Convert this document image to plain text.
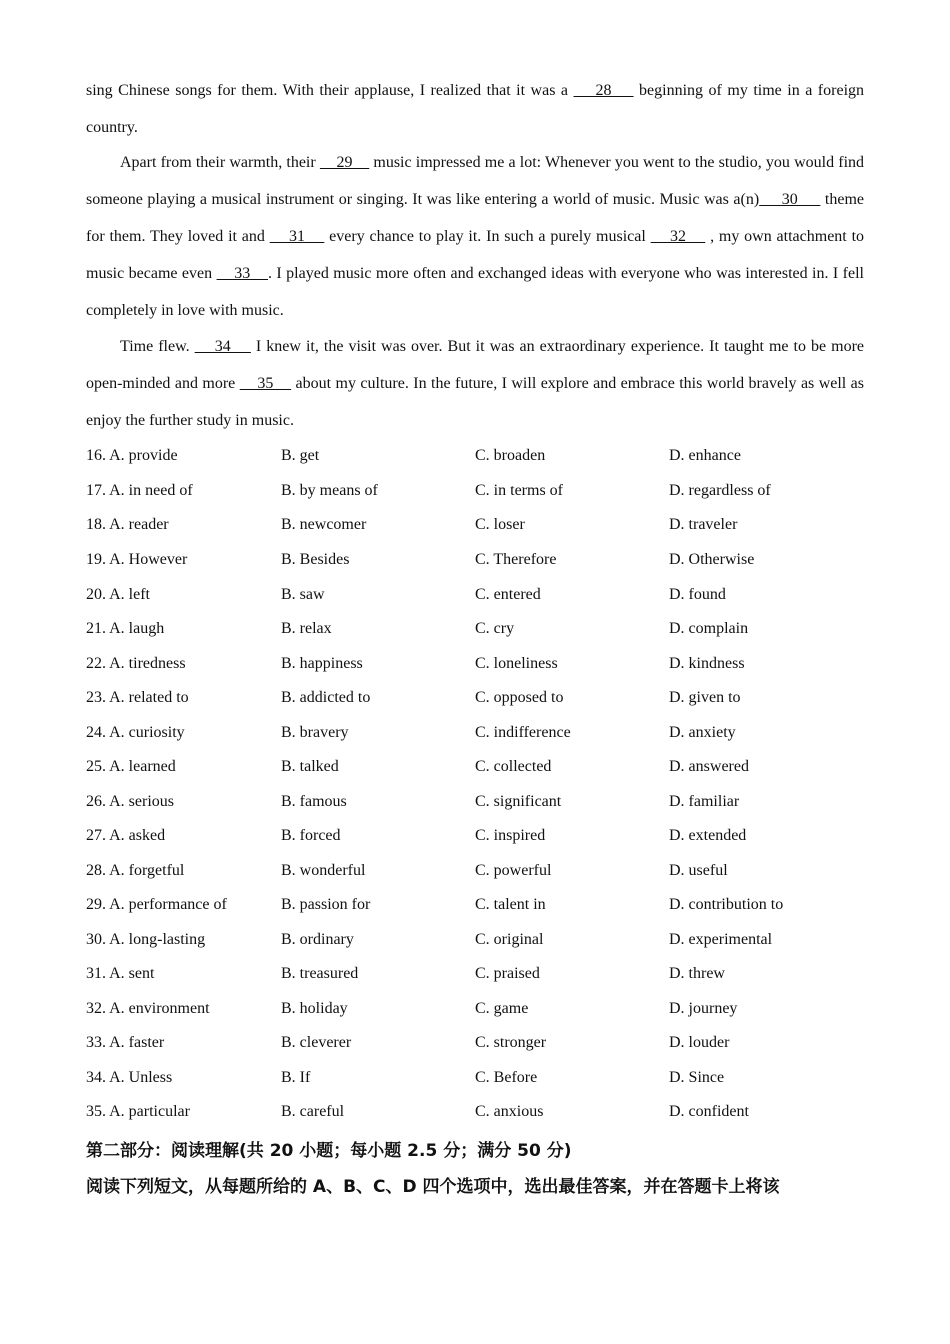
sing Chinese songs for them. With their applause, I realized that it was a     28     beginning of my time in a foreign country.

Apart from their warmth, their     29     music impressed me a lot: Whenever you went to the studio, you would find someone playing a musical instrument or singing. It was like entering a world of music. Music was a(n)     30      theme for them. They loved it and     31     every chance to play it. In such a purely musical     32     , my own attachment to music became even     33    . I played music more often and exchanged ideas with everyone who was interested in. I fell completely in love with music.

Time flew.     34     I knew it, the visit was over. But it was an extraordinary experience. It taught me to be more open-minded and more     35     about my culture. In the future, I will explore and embrace this world bravely as well as enjoy the further study in music.

16. A. provide	B. get	C. broaden	D. enhance
17. A. in need of	B. by means of	C. in terms of	D. regardless of
18. A. reader	B. newcomer	C. loser	D. traveler
19. A. However	B. Besides	C. Therefore	D. Otherwise
20. A. left	B. saw	C. entered	D. found
21. A. laugh	B. relax	C. cry	D. complain
22. A. tiredness	B. happiness	C. loneliness	D. kindness
23. A. related to	B. addicted to	C. opposed to	D. given to
24. A. curiosity	B. bravery	C. indifference	D. anxiety
25. A. learned	B. talked	C. collected	D. answered
26. A. serious	B. famous	C. significant	D. familiar
27. A. asked	B. forced	C. inspired	D. extended
28. A. forgetful	B. wonderful	C. powerful	D. useful
29. A. performance of	B. passion for	C. talent in	D. contribution to
30. A. long-lasting	B. ordinary	C. original	D. experimental
31. A. sent	B. treasured	C. praised	D. threw
32. A. environment	B. holiday	C. game	D. journey
33. A. faster	B. cleverer	C. stronger	D. louder
34. A. Unless	B. If	C. Before	D. Since
35. A. particular	B. careful	C. anxious	D. confident
第二部分：阅读理解(共 20 小题；每小题 2.5 分；满分 50 分)
阅读下列短文，从每题所给的 A、B、C、D 四个选项中，选出最佳答案，并在答题卡上将该
